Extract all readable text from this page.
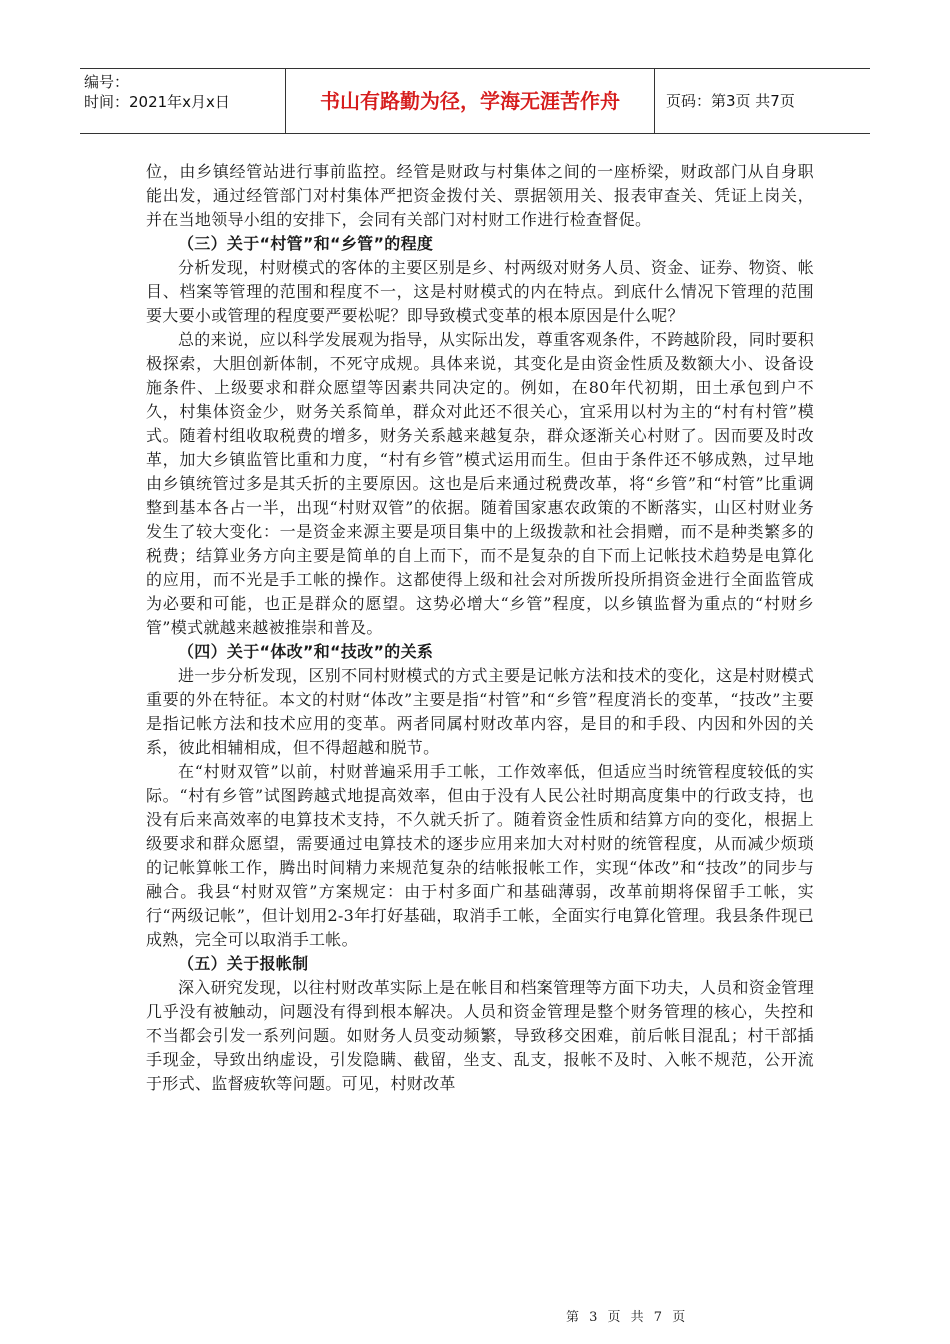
编号：
时间：2021年x月x日	书山有路勤为径，学海无涯苦作舟	页码：第3页 共7页

位，由乡镇经管站进行事前监控。经管是财政与村集体之间的一座桥梁，财政部门从自身职能出发，通过经管部门对村集体严把资金拨付关、票据领用关、报表审查关、凭证上岗关，并在当地领导小组的安排下，会同有关部门对村财工作进行检查督促。

（三）关于“村管”和“乡管”的程度

分析发现，村财模式的客体的主要区别是乡、村两级对财务人员、资金、证券、物资、帐目、档案等管理的范围和程度不一，这是村财模式的内在特点。到底什么情况下管理的范围要大要小或管理的程度要严要松呢？即导致模式变革的根本原因是什么呢？

总的来说，应以科学发展观为指导，从实际出发，尊重客观条件，不跨越阶段，同时要积极探索，大胆创新体制，不死守成规。具体来说，其变化是由资金性质及数额大小、设备设施条件、上级要求和群众愿望等因素共同决定的。例如，在80年代初期，田土承包到户不久，村集体资金少，财务关系简单，群众对此还不很关心，宜采用以村为主的“村有村管”模式。随着村组收取税费的增多，财务关系越来越复杂，群众逐渐关心村财了。因而要及时改革，加大乡镇监管比重和力度，“村有乡管”模式运用而生。但由于条件还不够成熟，过早地由乡镇统管过多是其夭折的主要原因。这也是后来通过税费改革，将“乡管”和“村管”比重调整到基本各占一半，出现“村财双管”的依据。随着国家惠农政策的不断落实，山区村财业务发生了较大变化：一是资金来源主要是项目集中的上级拨款和社会捐赠，而不是种类繁多的税费；结算业务方向主要是简单的自上而下，而不是复杂的自下而上记帐技术趋势是电算化的应用，而不光是手工帐的操作。这都使得上级和社会对所拨所投所捐资金进行全面监管成为必要和可能，也正是群众的愿望。这势必增大“乡管”程度，以乡镇监督为重点的“村财乡管”模式就越来越被推崇和普及。

（四）关于“体改”和“技改”的关系

进一步分析发现，区别不同村财模式的方式主要是记帐方法和技术的变化，这是村财模式重要的外在特征。本文的村财“体改”主要是指“村管”和“乡管”程度消长的变革，“技改”主要是指记帐方法和技术应用的变革。两者同属村财改革内容，是目的和手段、内因和外因的关系，彼此相辅相成，但不得超越和脱节。

在“村财双管”以前，村财普遍采用手工帐，工作效率低，但适应当时统管程度较低的实际。“村有乡管”试图跨越式地提高效率，但由于没有人民公社时期高度集中的行政支持，也没有后来高效率的电算技术支持，不久就夭折了。随着资金性质和结算方向的变化，根据上级要求和群众愿望，需要通过电算技术的逐步应用来加大对村财的统管程度，从而减少烦琐的记帐算帐工作，腾出时间精力来规范复杂的结帐报帐工作，实现“体改”和“技改”的同步与融合。我县“村财双管”方案规定：由于村多面广和基础薄弱，改革前期将保留手工帐，实行“两级记帐”，但计划用2-3年打好基础，取消手工帐，全面实行电算化管理。我县条件现已成熟，完全可以取消手工帐。

（五）关于报帐制

深入研究发现，以往村财改革实际上是在帐目和档案管理等方面下功夫，人员和资金管理几乎没有被触动，问题没有得到根本解决。人员和资金管理是整个财务管理的核心，失控和不当都会引发一系列问题。如财务人员变动频繁，导致移交困难，前后帐目混乱；村干部插手现金，导致出纳虚设，引发隐瞒、截留，坐支、乱支，报帐不及时、入帐不规范，公开流于形式、监督疲软等问题。可见，村财改革

第 3 页 共 7 页
